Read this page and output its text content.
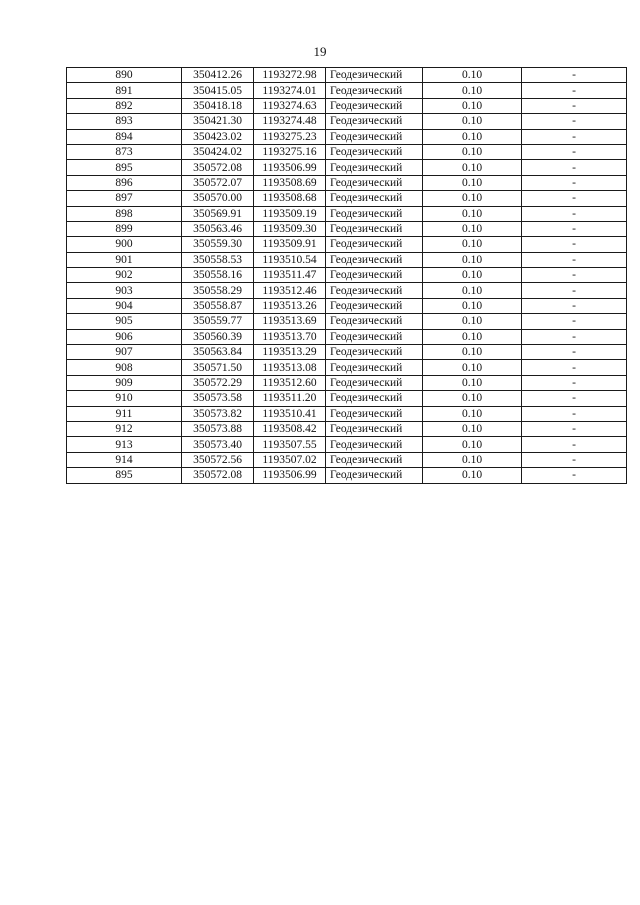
19
890	350412.26	1193272.98	Геодезический	0.10	-
891	350415.05	1193274.01	Геодезический	0.10	-
892	350418.18	1193274.63	Геодезический	0.10	-
893	350421.30	1193274.48	Геодезический	0.10	-
894	350423.02	1193275.23	Геодезический	0.10	-
873	350424.02	1193275.16	Геодезический	0.10	-
895	350572.08	1193506.99	Геодезический	0.10	-
896	350572.07	1193508.69	Геодезический	0.10	-
897	350570.00	1193508.68	Геодезический	0.10	-
898	350569.91	1193509.19	Геодезический	0.10	-
899	350563.46	1193509.30	Геодезический	0.10	-
900	350559.30	1193509.91	Геодезический	0.10	-
901	350558.53	1193510.54	Геодезический	0.10	-
902	350558.16	1193511.47	Геодезический	0.10	-
903	350558.29	1193512.46	Геодезический	0.10	-
904	350558.87	1193513.26	Геодезический	0.10	-
905	350559.77	1193513.69	Геодезический	0.10	-
906	350560.39	1193513.70	Геодезический	0.10	-
907	350563.84	1193513.29	Геодезический	0.10	-
908	350571.50	1193513.08	Геодезический	0.10	-
909	350572.29	1193512.60	Геодезический	0.10	-
910	350573.58	1193511.20	Геодезический	0.10	-
911	350573.82	1193510.41	Геодезический	0.10	-
912	350573.88	1193508.42	Геодезический	0.10	-
913	350573.40	1193507.55	Геодезический	0.10	-
914	350572.56	1193507.02	Геодезический	0.10	-
895	350572.08	1193506.99	Геодезический	0.10	-
